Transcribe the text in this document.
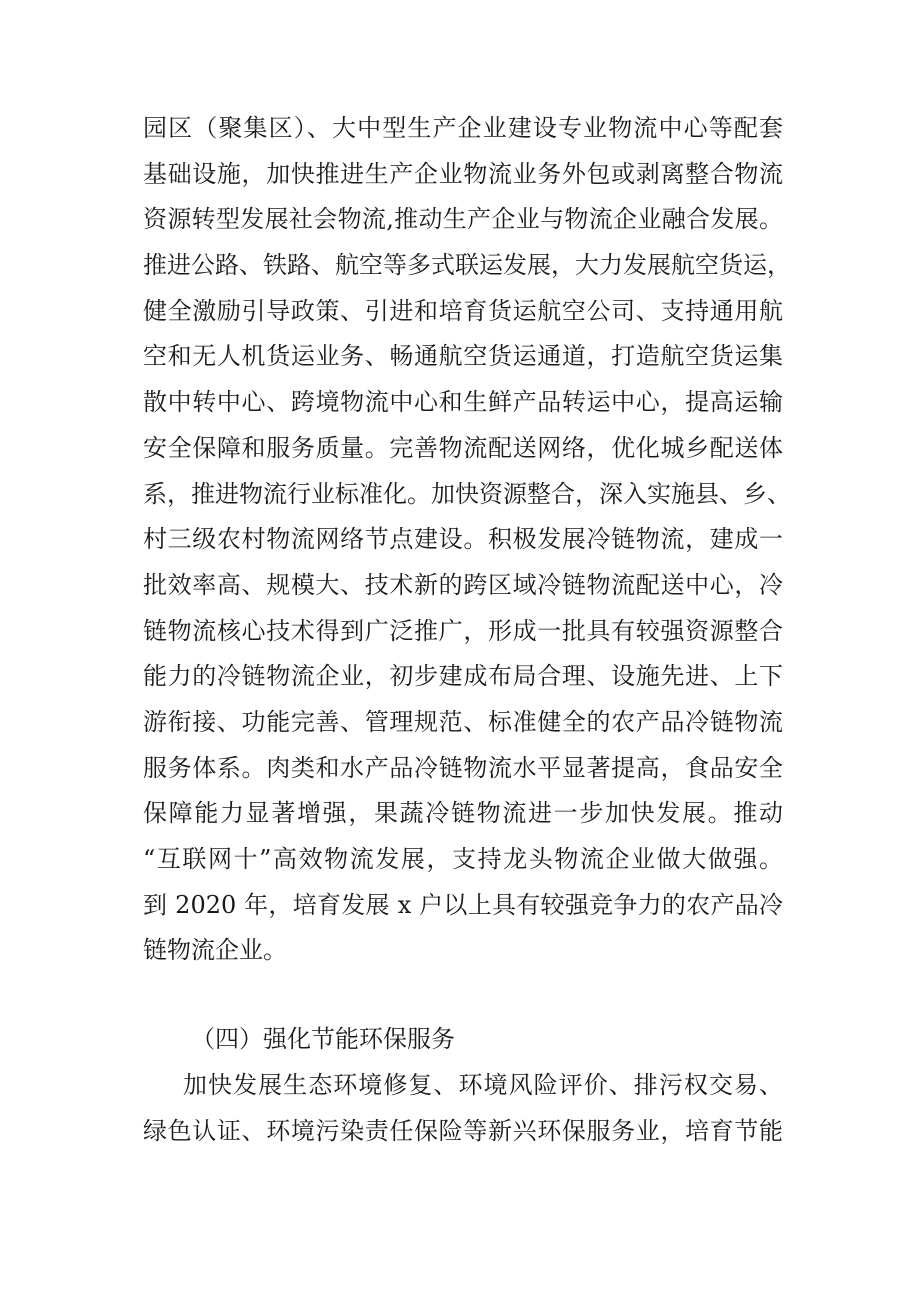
园区（聚集区）、大中型生产企业建设专业物流中心等配套
基础设施，加快推进生产企业物流业务外包或剥离整合物流
资源转型发展社会物流,推动生产企业与物流企业融合发展。
推进公路、铁路、航空等多式联运发展，大力发展航空货运，
健全激励引导政策、引进和培育货运航空公司、支持通用航
空和无人机货运业务、畅通航空货运通道，打造航空货运集
散中转中心、跨境物流中心和生鲜产品转运中心，提高运输
安全保障和服务质量。完善物流配送网络，优化城乡配送体
系，推进物流行业标准化。加快资源整合，深入实施县、乡、
村三级农村物流网络节点建设。积极发展冷链物流，建成一
批效率高、规模大、技术新的跨区域冷链物流配送中心，冷
链物流核心技术得到广泛推广，形成一批具有较强资源整合
能力的冷链物流企业，初步建成布局合理、设施先进、上下
游衔接、功能完善、管理规范、标准健全的农产品冷链物流
服务体系。肉类和水产品冷链物流水平显著提高，食品安全
保障能力显著增强，果蔬冷链物流进一步加快发展。推动
“互联网十”高效物流发展，支持龙头物流企业做大做强。
到 2020 年，培育发展 x 户以上具有较强竞争力的农产品冷
链物流企业。
（四）强化节能环保服务
加快发展生态环境修复、环境风险评价、排污权交易、
绿色认证、环境污染责任保险等新兴环保服务业，培育节能
